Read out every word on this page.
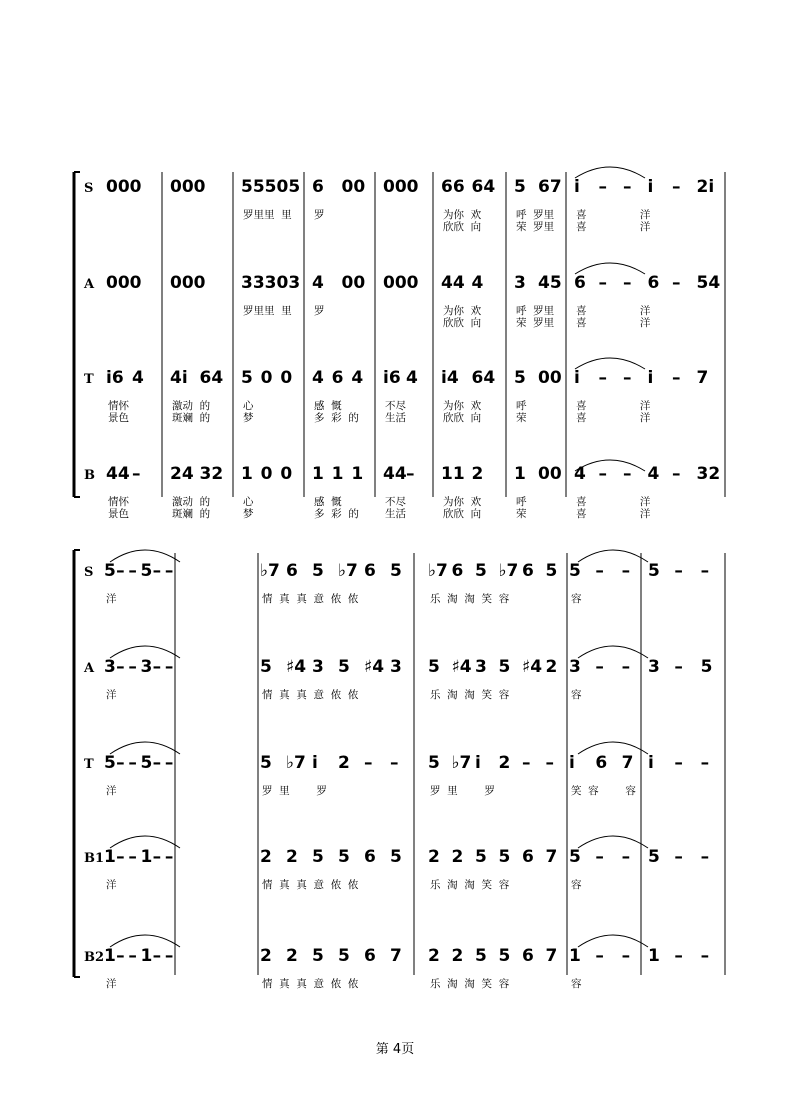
S 000 000 55505
罗里里  里
6 00
罗
000 66 64
为你  欢
欣欣  向
5 67
呼  罗里
荣  罗里
i – – i – 2i
喜                洋
喜                洋
A 000 000 33303
罗里里  里
4 00
罗
000 44 4
为你  欢
欣欣  向
3 45
呼  罗里
荣  罗里
6 – – 6 – 54
喜                洋
喜                洋
T i6 4
情怀
景色
4i 64
激动  的
斑斓  的
5 0 0
心
梦
4 6 4
感  慨
多  彩  的
i6 4
不尽
生活
i4 64
为你  欢
欣欣  向
5 00
呼
荣
i – – i – 7
喜                洋
喜                洋
B 44 –
情怀
景色
24 32
激动  的
斑斓  的
1 0 0
心
梦
1 1 1
感  慨
多  彩  的
44 –
不尽
生活
11 2
为你  欢
欣欣  向
1 00
呼
荣
4 – – 4 – 32
喜                洋
喜                洋
S 5 – – 5 – –
洋
♭7 6 5 ♭7 6 5
情  真  真  意  侬  侬
♭7 6 5 ♭7 6 5
乐  淘  淘  笑  容
5 – – 5 – –
容
A 3 – – 3 – –
洋
5 ♯4 3 5 ♯4 3
情  真  真  意  侬  侬
5 ♯4 3 5 ♯4 2
乐  淘  淘  笑  容
3 – – 3 – 5
容
T 5 – – 5 – –
洋
5 ♭7 i 2 – –
罗  里        罗
5 ♭7 i 2 – –
罗  里        罗
i 6 7 i – –
笑  容        容
B1 1 – – 1 – –
洋
2 2 5 5 6 5
情  真  真  意  侬  侬
2 2 5 5 6 7
乐  淘  淘  笑  容
5 – – 5 – –
容
B2 1 – – 1 – –
洋
2 2 5 5 6 7
情  真  真  意  侬  侬
2 2 5 5 6 7
乐  淘  淘  笑  容
1 – – 1 – –
容
第 4页
